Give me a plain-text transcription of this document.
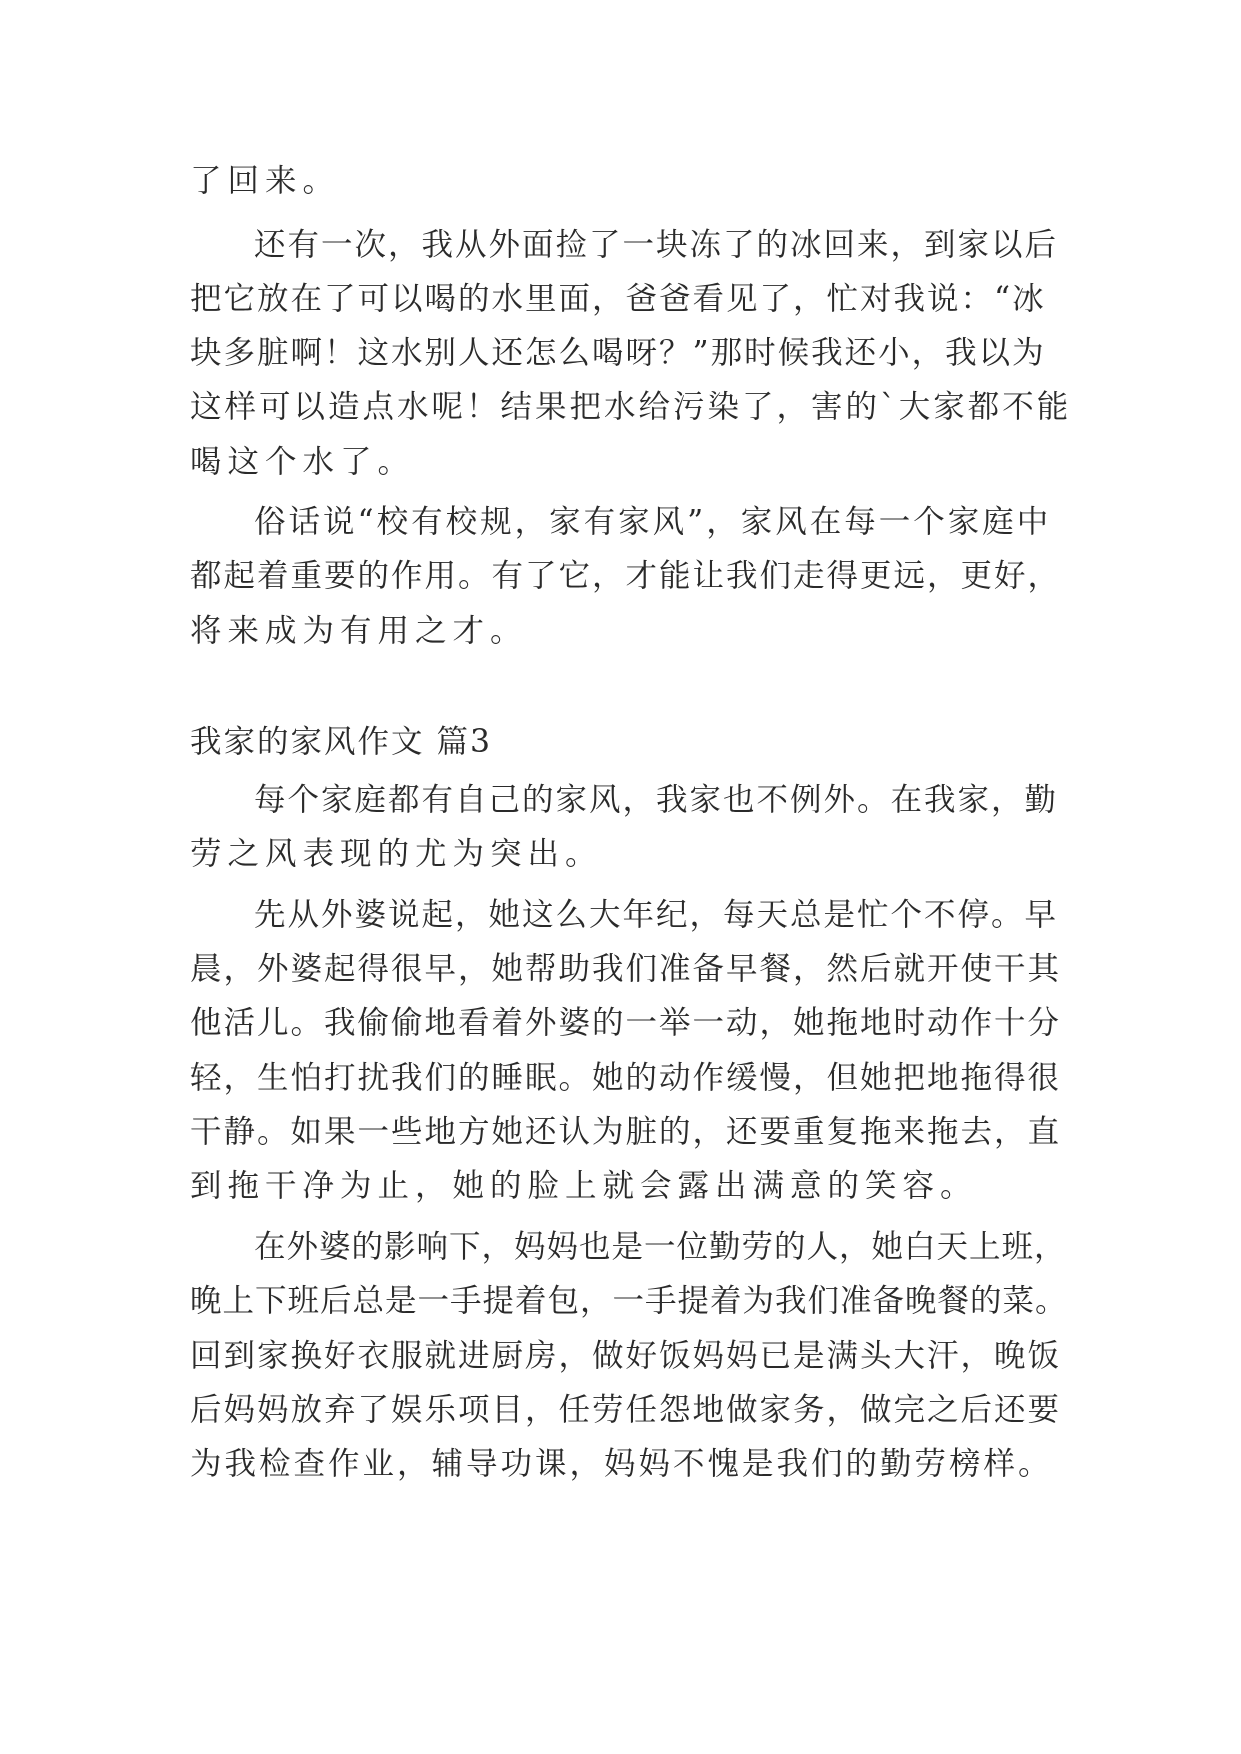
了回来。

还有一次，我从外面捡了一块冻了的冰回来，到家以后

把它放在了可以喝的水里面，爸爸看见了，忙对我说：“冰

块多脏啊！这水别人还怎么喝呀？”那时候我还小，我以为

这样可以造点水呢！结果把水给污染了，害的`大家都不能

喝这个水了。

俗话说“校有校规，家有家风”，家风在每一个家庭中

都起着重要的作用。有了它，才能让我们走得更远，更好，

将来成为有用之才。

我家的家风作文 篇3

每个家庭都有自己的家风，我家也不例外。在我家，勤

劳之风表现的尤为突出。

先从外婆说起，她这么大年纪，每天总是忙个不停。早

晨，外婆起得很早，她帮助我们准备早餐，然后就开使干其

他活儿。我偷偷地看着外婆的一举一动，她拖地时动作十分

轻，生怕打扰我们的睡眠。她的动作缓慢，但她把地拖得很

干静。如果一些地方她还认为脏的，还要重复拖来拖去，直

到拖干净为止，她的脸上就会露出满意的笑容。

在外婆的影响下，妈妈也是一位勤劳的人，她白天上班，

晚上下班后总是一手提着包，一手提着为我们准备晚餐的菜。

回到家换好衣服就进厨房，做好饭妈妈已是满头大汗，晚饭

后妈妈放弃了娱乐项目，任劳任怨地做家务，做完之后还要

为我检查作业，辅导功课，妈妈不愧是我们的勤劳榜样。
